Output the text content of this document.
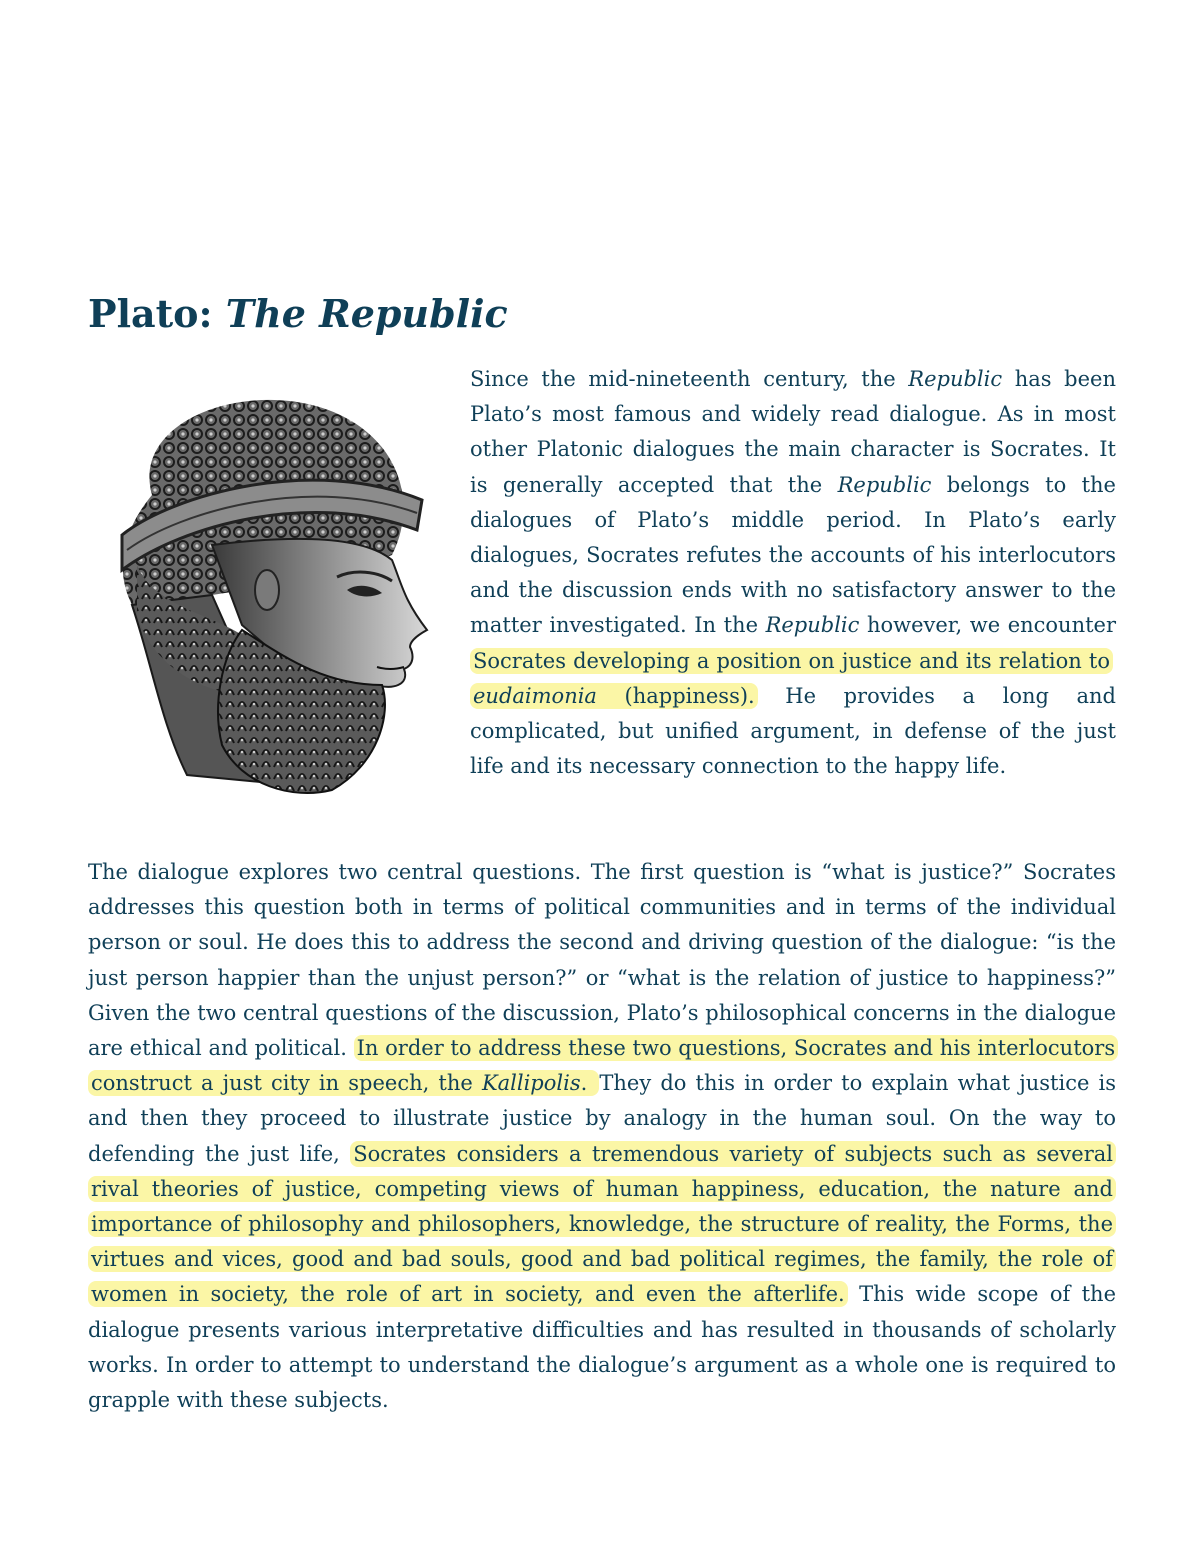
Plato: The Republic

Since the mid-nineteenth century, the Republic has been Plato’s most famous and widely read dialogue. As in most other Platonic dialogues the main character is Socrates. It is generally accepted that the Republic belongs to the dialogues of Plato’s middle period. In Plato’s early dialogues, Socrates refutes the accounts of his interlocutors and the discussion ends with no satisfactory answer to the matter investigated. In the Republic however, we encounter Socrates developing a position on justice and its relation to eudaimonia (happiness). He provides a long and complicated, but unified argument, in defense of the just life and its necessary connection to the happy life.

The dialogue explores two central questions. The first question is “what is justice?” Socrates addresses this question both in terms of political communities and in terms of the individual person or soul. He does this to address the second and driving question of the dialogue: “is the just person happier than the unjust person?” or “what is the relation of justice to happiness?” Given the two central questions of the discussion, Plato’s philosophical concerns in the dialogue are ethical and political. In order to address these two questions, Socrates and his interlocutors construct a just city in speech, the Kallipolis. They do this in order to explain what justice is and then they proceed to illustrate justice by analogy in the human soul. On the way to defending the just life, Socrates considers a tremendous variety of subjects such as several rival theories of justice, competing views of human happiness, education, the nature and importance of philosophy and philosophers, knowledge, the structure of reality, the Forms, the virtues and vices, good and bad souls, good and bad political regimes, the family, the role of women in society, the role of art in society, and even the afterlife. This wide scope of the dialogue presents various interpretative difficulties and has resulted in thousands of scholarly works. In order to attempt to understand the dialogue’s argument as a whole one is required to grapple with these subjects.
